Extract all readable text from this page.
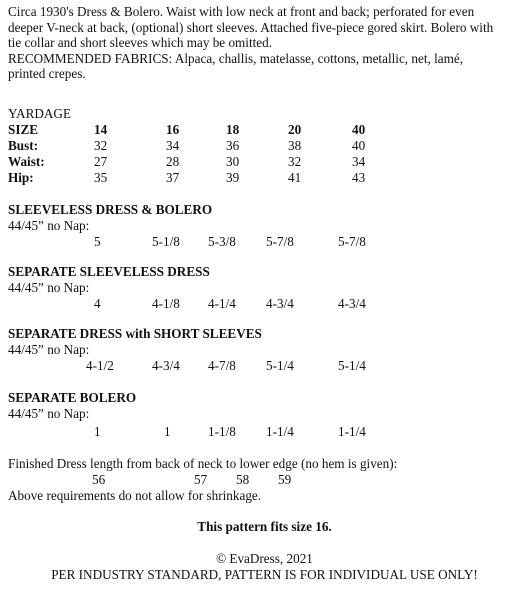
Circa 1930's Dress & Bolero. Waist with low neck at front and back; perforated for even
deeper V-neck at back, (optional) short sleeves. Attached five-piece gored skirt. Bolero with
tie collar and short sleeves which may be omitted.
RECOMMENDED FABRICS: Alpaca, challis, matelasse, cottons, metallic, net, lamé,
printed crepes.
YARDAGE
SIZE	14	16	18	20	40
Bust:	32	34	36	38	40
Waist:	27	28	30	32	34
Hip:	35	37	39	41	43
SLEEVELESS DRESS & BOLERO
44/45” no Nap:
5	5-1/8 5-3/8 5-7/8	5-7/8
SEPARATE SLEEVELESS DRESS
44/45” no Nap:
4	4-1/8 4-1/4 4-3/4	4-3/4
SEPARATE DRESS with SHORT SLEEVES
44/45” no Nap:
4-1/2	4-3/4 4-7/8 5-1/4	5-1/4
SEPARATE BOLERO
44/45” no Nap:
1	1	1-1/8 1-1/4	1-1/4
Finished Dress length from back of neck to lower edge (no hem is given):
56	57 58 59
Above requirements do not allow for shrinkage.
This pattern fits size 16.
© EvaDress, 2021
PER INDUSTRY STANDARD, PATTERN IS FOR INDIVIDUAL USE ONLY!
